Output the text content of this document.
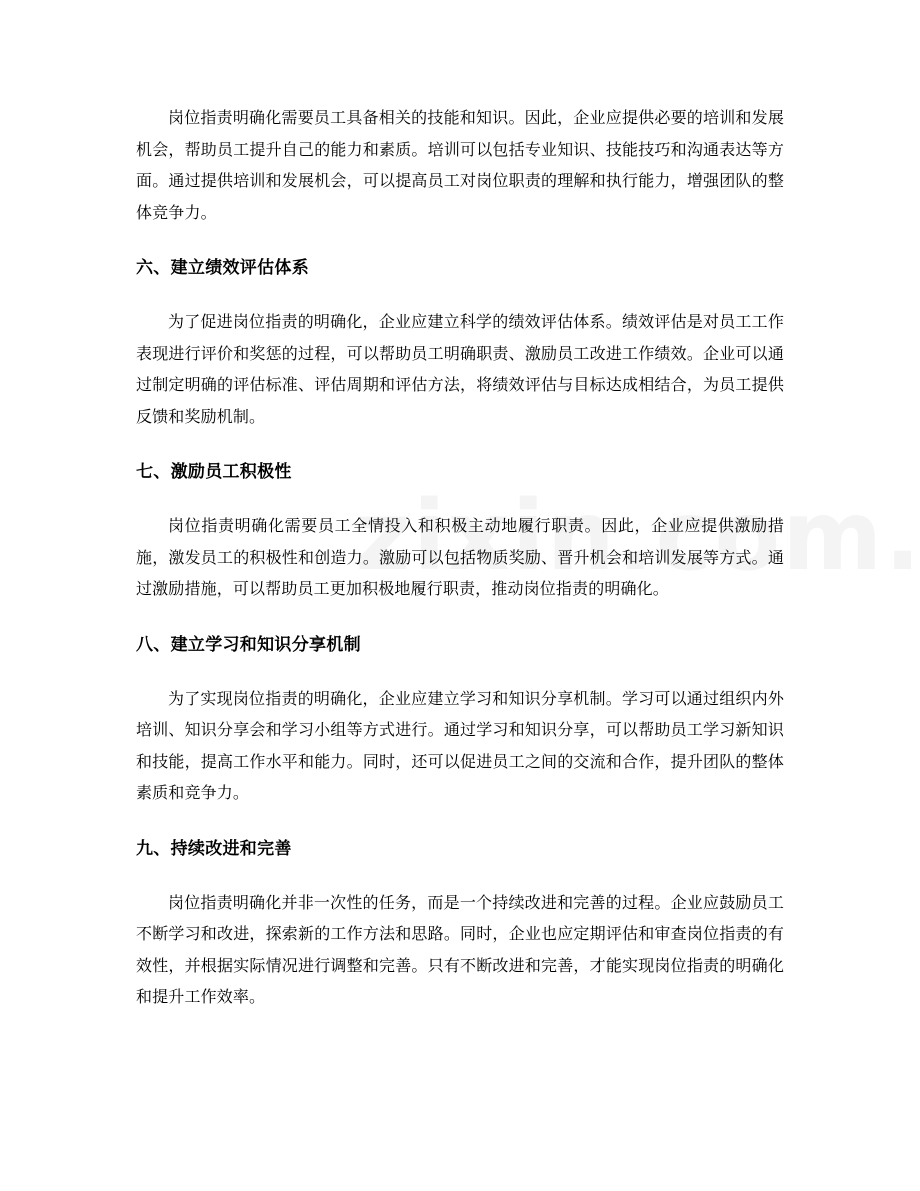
岗位指责明确化需要员工具备相关的技能和知识。因此，企业应提供必要的培训和发展机会，帮助员工提升自己的能力和素质。培训可以包括专业知识、技能技巧和沟通表达等方面。通过提供培训和发展机会，可以提高员工对岗位职责的理解和执行能力，增强团队的整体竞争力。

六、建立绩效评估体系

为了促进岗位指责的明确化，企业应建立科学的绩效评估体系。绩效评估是对员工工作表现进行评价和奖惩的过程，可以帮助员工明确职责、激励员工改进工作绩效。企业可以通过制定明确的评估标准、评估周期和评估方法，将绩效评估与目标达成相结合，为员工提供反馈和奖励机制。

七、激励员工积极性

岗位指责明确化需要员工全情投入和积极主动地履行职责。因此，企业应提供激励措施，激发员工的积极性和创造力。激励可以包括物质奖励、晋升机会和培训发展等方式。通过激励措施，可以帮助员工更加积极地履行职责，推动岗位指责的明确化。

八、建立学习和知识分享机制

为了实现岗位指责的明确化，企业应建立学习和知识分享机制。学习可以通过组织内外培训、知识分享会和学习小组等方式进行。通过学习和知识分享，可以帮助员工学习新知识和技能，提高工作水平和能力。同时，还可以促进员工之间的交流和合作，提升团队的整体素质和竞争力。

九、持续改进和完善

岗位指责明确化并非一次性的任务，而是一个持续改进和完善的过程。企业应鼓励员工不断学习和改进，探索新的工作方法和思路。同时，企业也应定期评估和审查岗位指责的有效性，并根据实际情况进行调整和完善。只有不断改进和完善，才能实现岗位指责的明确化和提升工作效率。
